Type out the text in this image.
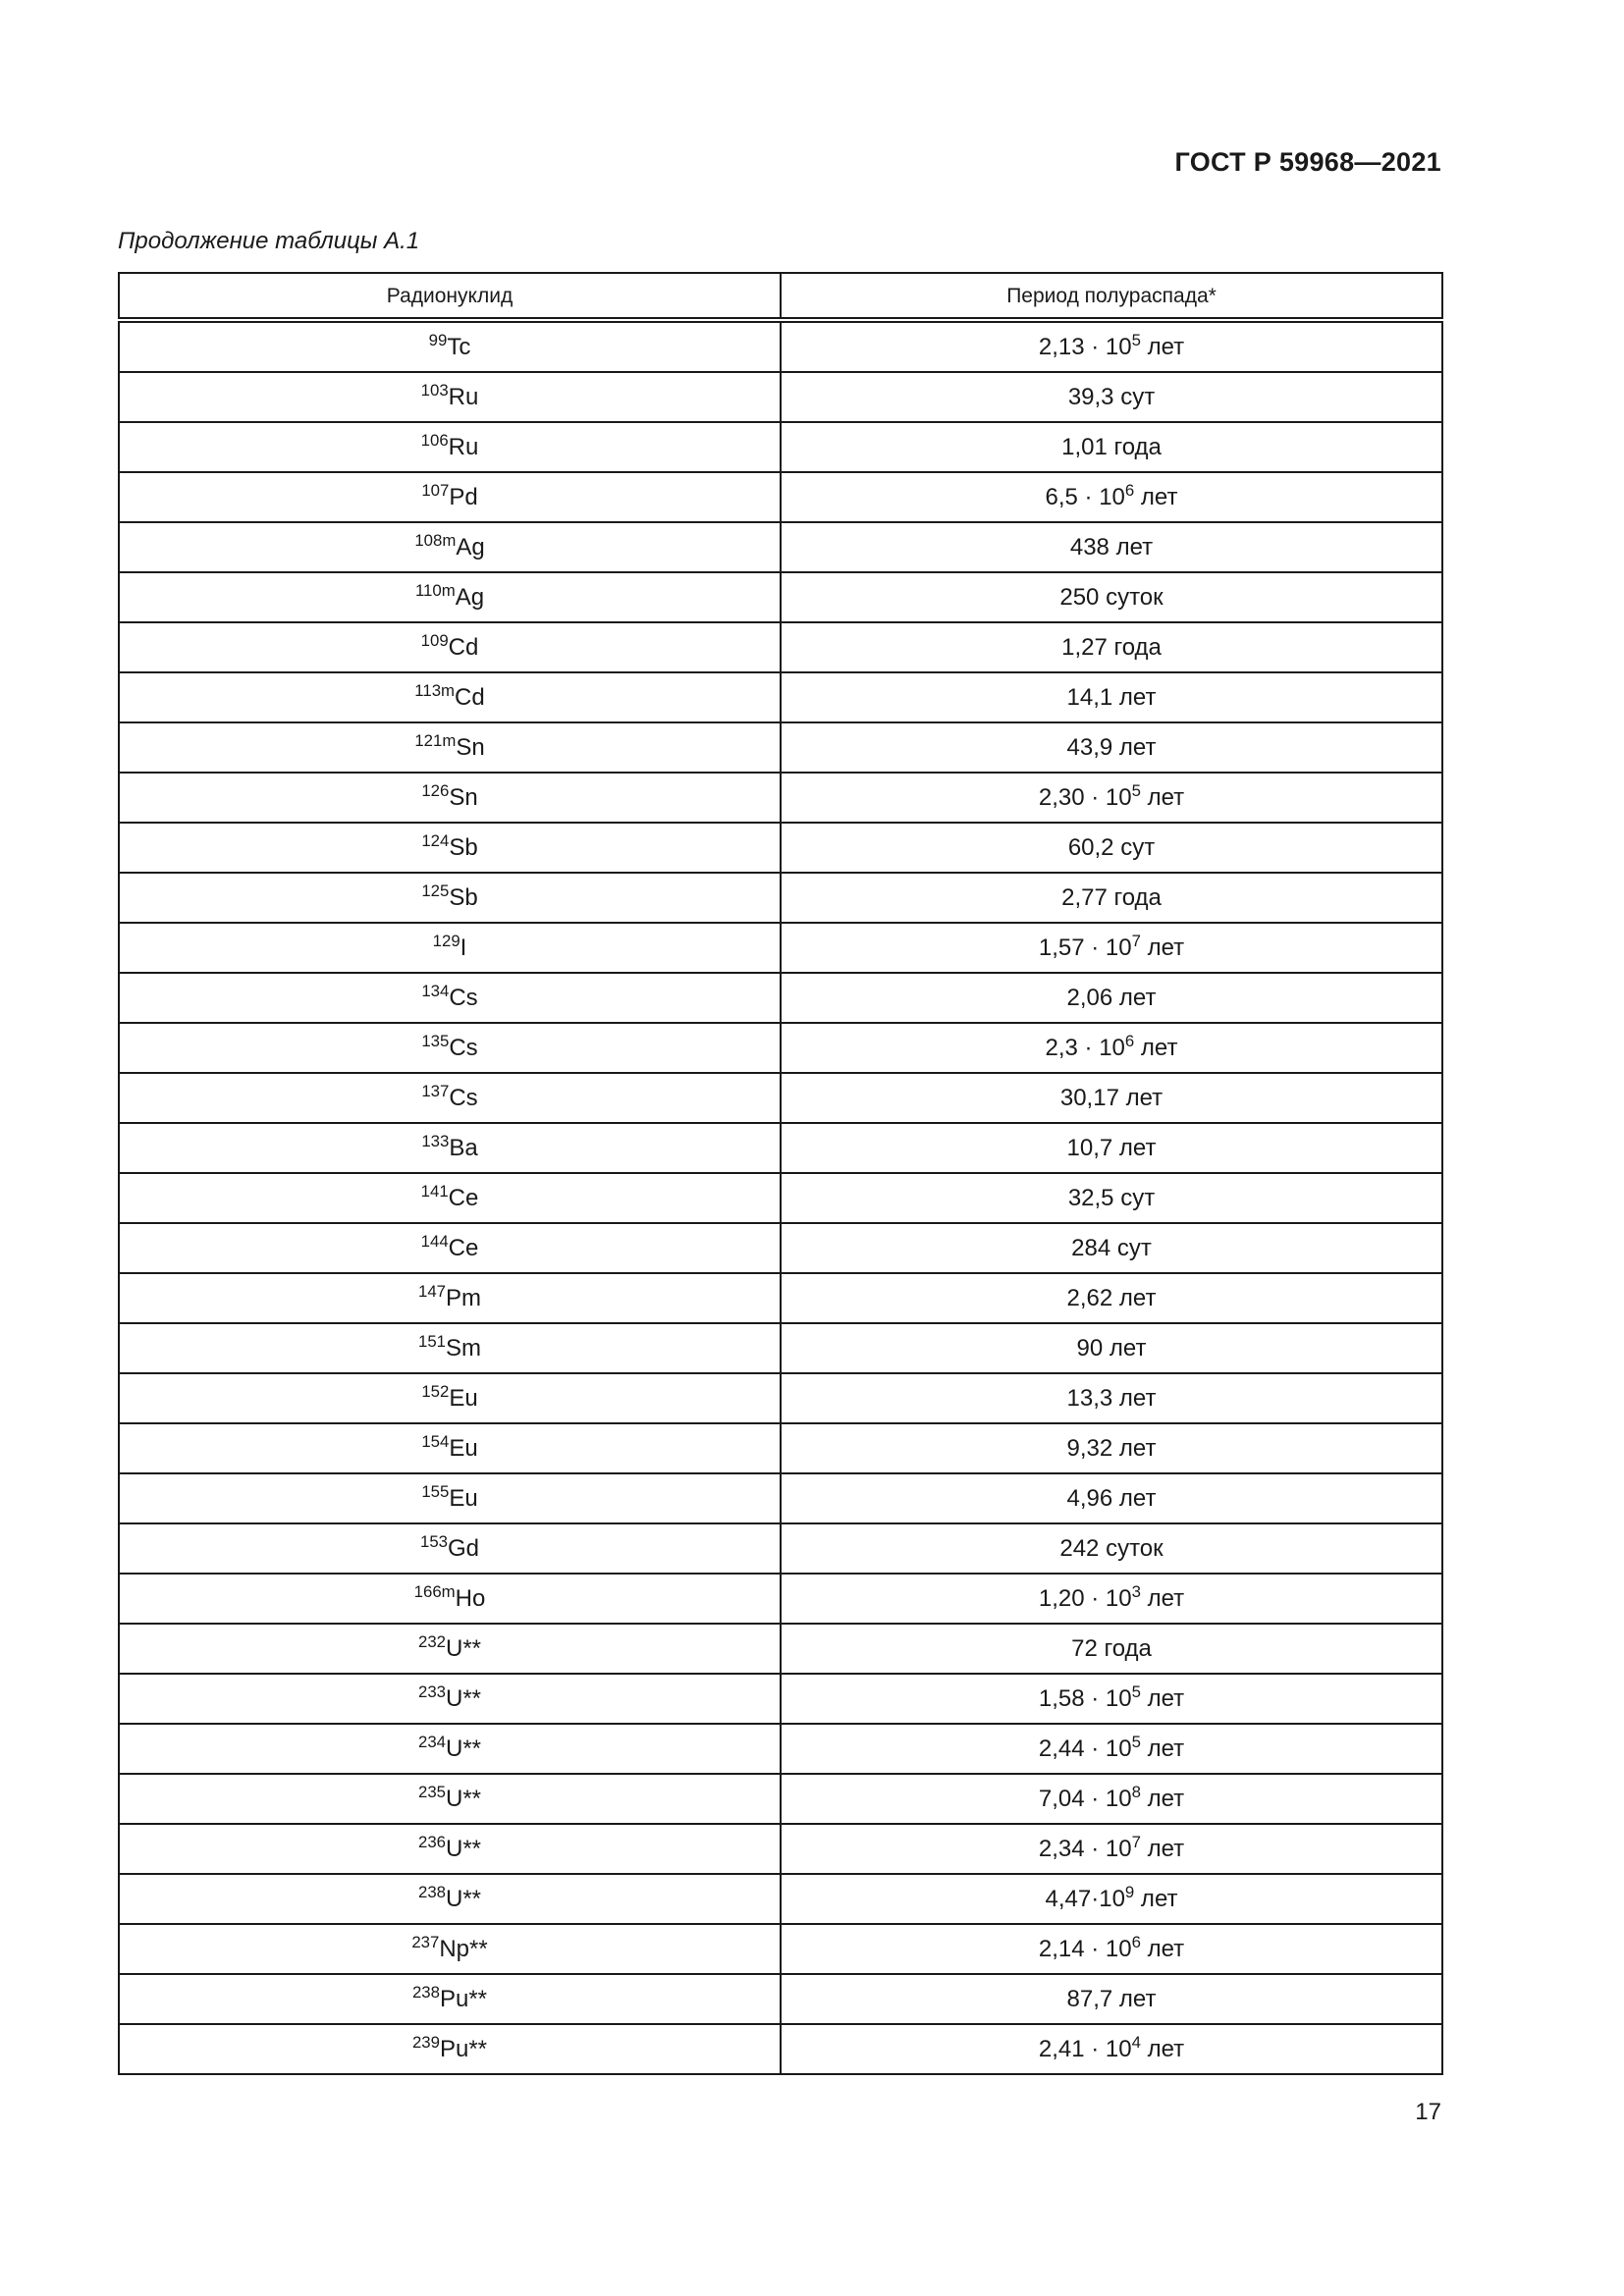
ГОСТ Р 59968—2021
Продолжение таблицы А.1
Радионуклид	Период полураспада*
$^{99}$Tc	$2,13 \cdot 10^5$ лет
$^{103}$Ru	39,3 сут
$^{106}$Ru	1,01 года
$^{107}$Pd	$6,5 \cdot 10^6$ лет
$^{108m}$Ag	438 лет
$^{110m}$Ag	250 суток
$^{109}$Cd	1,27 года
$^{113m}$Cd	14,1 лет
$^{121m}$Sn	43,9 лет
$^{126}$Sn	$2,30 \cdot 10^5$ лет
$^{124}$Sb	60,2 сут
$^{125}$Sb	2,77 года
$^{129}$I	$1,57 \cdot 10^7$ лет
$^{134}$Cs	2,06 лет
$^{135}$Cs	$2,3 \cdot 10^6$ лет
$^{137}$Cs	30,17 лет
$^{133}$Ba	10,7 лет
$^{141}$Ce	32,5 сут
$^{144}$Ce	284 сут
$^{147}$Pm	2,62 лет
$^{151}$Sm	90 лет
$^{152}$Eu	13,3 лет
$^{154}$Eu	9,32 лет
$^{155}$Eu	4,96 лет
$^{153}$Gd	242 суток
$^{166m}$Ho	$1,20 \cdot 10^3$ лет
$^{232}$U**	72 года
$^{233}$U**	$1,58 \cdot 10^5$ лет
$^{234}$U**	$2,44 \cdot 10^5$ лет
$^{235}$U**	$7,04 \cdot 10^8$ лет
$^{236}$U**	$2,34 \cdot 10^7$ лет
$^{238}$U**	$4,47\cdot 10^9$ лет
$^{237}$Np**	$2,14 \cdot 10^6$ лет
$^{238}$Pu**	87,7 лет
$^{239}$Pu**	$2,41 \cdot 10^4$ лет
17
